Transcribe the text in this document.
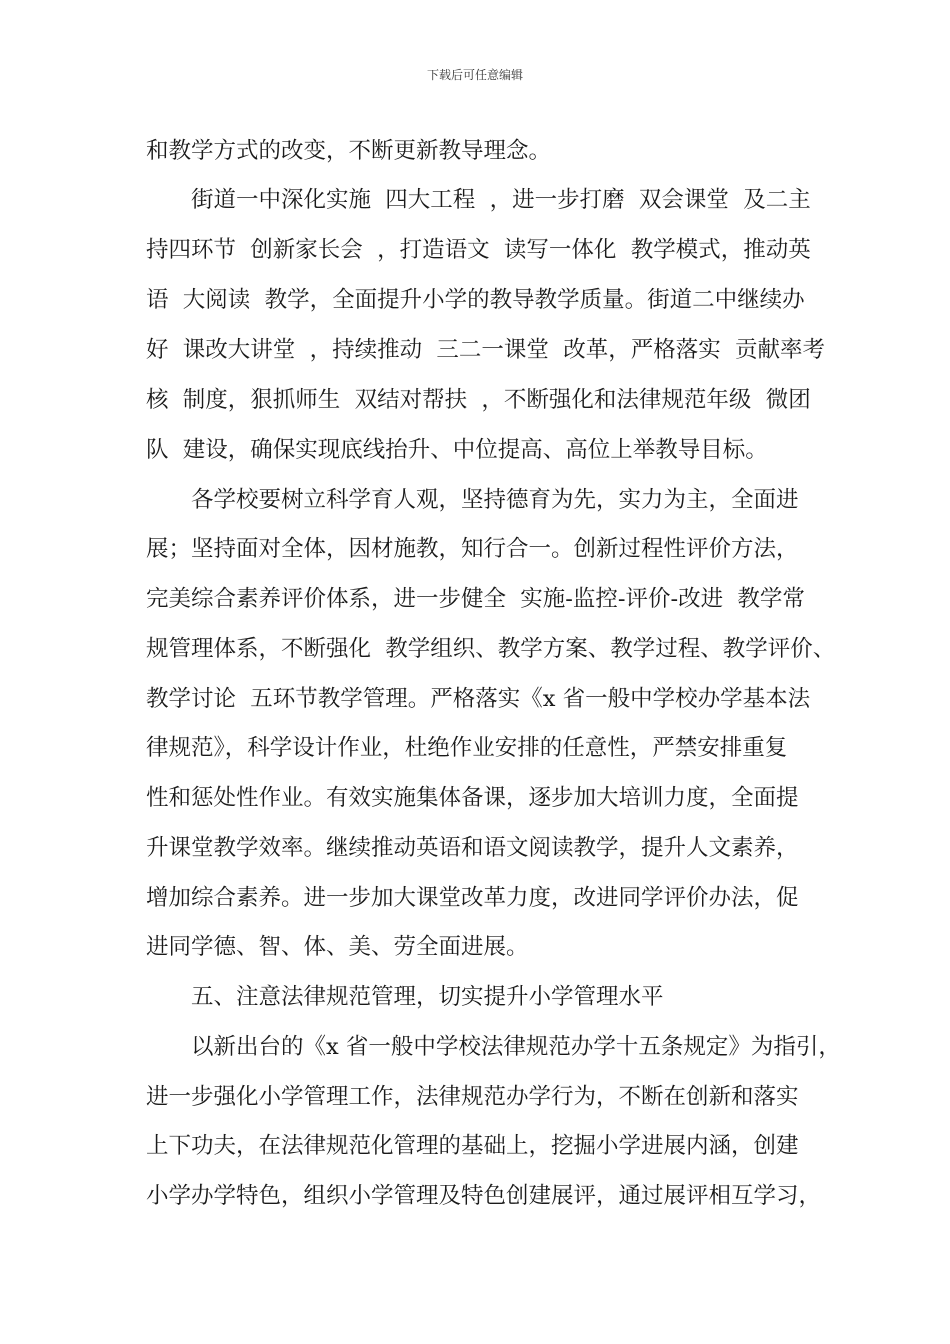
下载后可任意编辑
和教学方式的改变，不断更新教导理念。
街道一中深化实施  四大工程  ，进一步打磨  双会课堂  及二主
持四环节  创新家长会  ，打造语文  读写一体化  教学模式，推动英
语  大阅读  教学，全面提升小学的教导教学质量。街道二中继续办
好  课改大讲堂  ，持续推动  三二一课堂  改革，严格落实  贡献率考
核  制度，狠抓师生  双结对帮扶  ，不断强化和法律规范年级  微团
队  建设，确保实现底线抬升、中位提高、高位上举教导目标。
各学校要树立科学育人观，坚持德育为先，实力为主，全面进
展；坚持面对全体，因材施教，知行合一。创新过程性评价方法，
完美综合素养评价体系，进一步健全  实施-监控-评价-改进  教学常
规管理体系，不断强化  教学组织、教学方案、教学过程、教学评价、
教学讨论  五环节教学管理。严格落实《x 省一般中学校办学基本法
律规范》，科学设计作业，杜绝作业安排的任意性，严禁安排重复
性和惩处性作业。有效实施集体备课，逐步加大培训力度，全面提
升课堂教学效率。继续推动英语和语文阅读教学，提升人文素养，
增加综合素养。进一步加大课堂改革力度，改进同学评价办法，促
进同学德、智、体、美、劳全面进展。
五、注意法律规范管理，切实提升小学管理水平
以新出台的《x 省一般中学校法律规范办学十五条规定》为指引，
进一步强化小学管理工作，法律规范办学行为，不断在创新和落实
上下功夫，在法律规范化管理的基础上，挖掘小学进展内涵，创建
小学办学特色，组织小学管理及特色创建展评，通过展评相互学习，
